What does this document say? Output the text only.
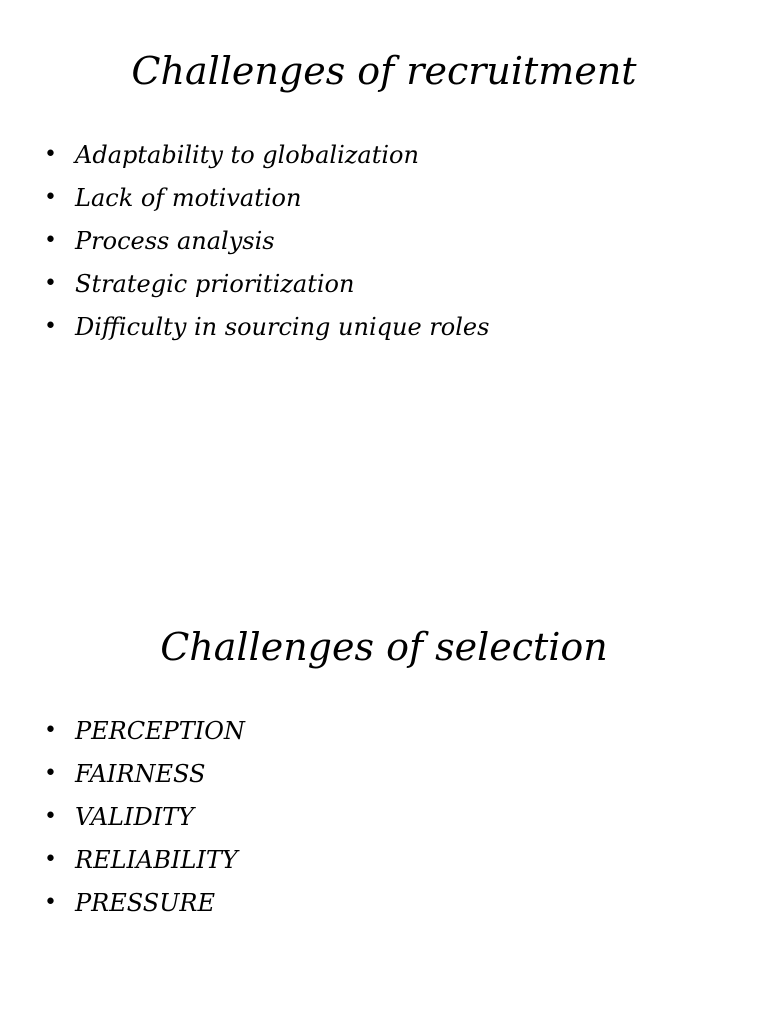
Challenges of recruitment
• Adaptability to globalization
• Lack of motivation
• Process analysis
• Strategic prioritization
• Difficulty in sourcing unique roles
Challenges of selection
• PERCEPTION
• FAIRNESS
• VALIDITY
• RELIABILITY
• PRESSURE
